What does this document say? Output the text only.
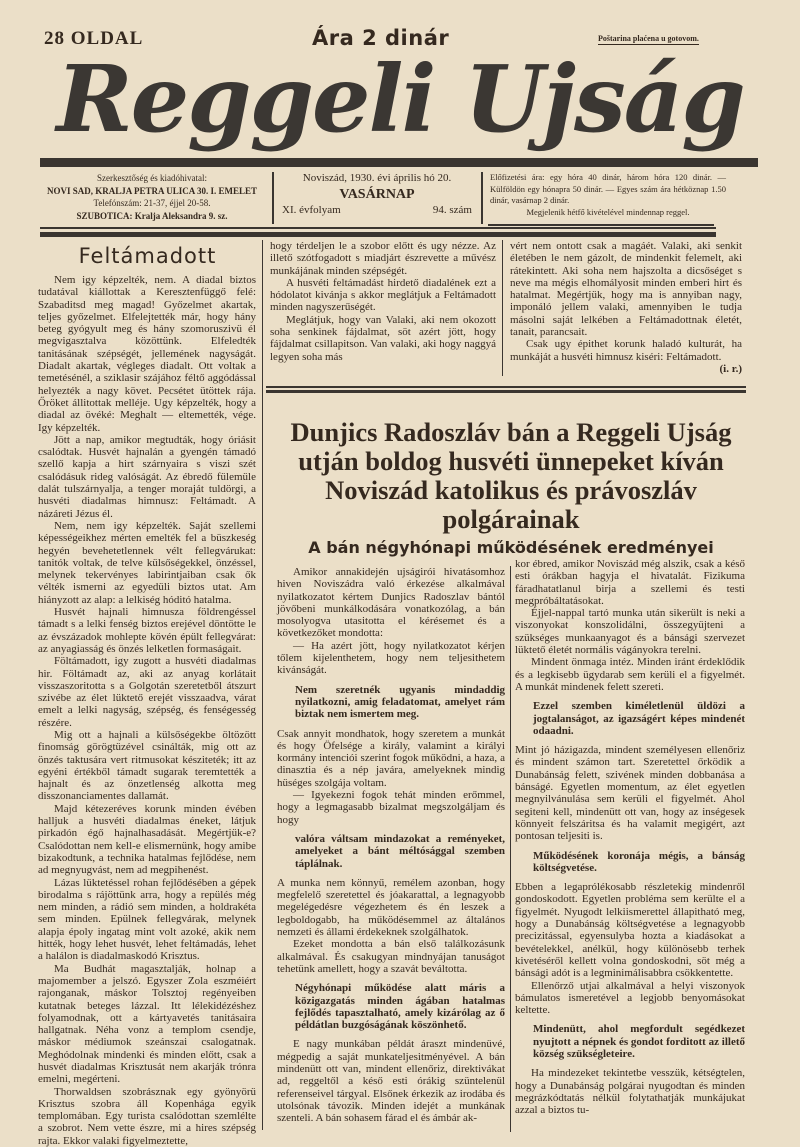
28 OLDAL	Ára 2 dinár	Poštarina plaćena u gotovom.
Reggeli Ujság
Szerkesztőség és kiadóhivatal:
NOVI SAD, KRALJA PETRA ULICA 30. I. EMELET
Telefónszám: 21-37, éjjel 20-58.
SZUBOTICA: Kralja Aleksandra 9. sz.
Noviszád, 1930. évi április hó 20.
VASÁRNAP
XI. évfolyam	94. szám
Előfizetési ára: egy hóra 40 dinár, három hóra 120 dinár. — Külföldön egy hónapra 50 dinár. — Egyes szám ára hétköznap 1.50 dinár, vasárnap 2 dinár.
Megjelenik hétfő kivételével mindennap reggel.
Feltámadott

Nem igy képzelték, nem. A diadal biztos tudatával kiállottak a Keresztenfüggő felé: Szabaditsd meg magad! Győzelmet akartak, teljes győzelmet. Elfelejtették már, hogy hány beteg gyógyult meg és hány szomoruszivü él megvigasztalva közöttünk. Elfeledték tanitásának szépségét, jellemének nagyságát. Diadalt akartak, végleges diadalt. Ott voltak a temetésénél, a sziklasir szájához féltő aggódással helyezték a nagy követ. Pecsétet ütöttek rája. Őröket állitottak melléje. Ugy képzelték, hogy a diadal az övéké: Meghalt — eltemették, vége. Igy képzelték.

Jött a nap, amikor megtudták, hogy óriásit csalódtak. Husvét hajnalán a gyengén támadó szellő kapja a hirt szárnyaira s viszi szét csalódásuk rideg valóságát. Az ébredő fülemüle dalát tulszárnyalja, a tenger moraját tuldörgi, a husvéti diadalmas himnusz: Feltámadt. A názáreti Jézus él.

Nem, nem igy képzelték. Saját szellemi képességeikhez mérten emelték fel a büszkeség hegyén bevehetetlennek vélt fellegvárukat: tanitók voltak, de telve külsőségekkel, önzéssel, melynek tekervényes labirintjaiban csak ők vélték ismerni az egyedüli biztos utat. Am hiányzott az alap: a lelkiség hóditó hatalma.

Husvét hajnali himnusza földrengéssel támadt s a lelki fenség biztos erejével döntötte le az évszázadok mohlepte kövén épült fellegvárat: az anyagiasság és önzés lelketlen formaságait.

Föltámadott, igy zugott a husvéti diadalmas hir. Föltámadt az, aki az anyag korlátait visszaszoritotta s a Golgotán szeretetből átszurt szivébe az élet lüktető erejét visszaadva, várat emelt a lelki nagyság, szépség, és fenségesség részére.

Mig ott a hajnali a külsőségekbe öltözött finomság görögtüzével csinálták, mig ott az önzés taktusára vert ritmusokat késziteték; itt az egyéni értékből támadt sugarak teremtették a hajnalt és az önzetlenség alkotta meg disszonanciamentes dallamát.

Majd kétezeréves korunk minden évében halljuk a husvéti diadalmas éneket, látjuk pirkadón égő hajnalhasadását. Megértjük-e? Csalódottan nem kell-e elismernünk, hogy amibe bizakodtunk, a technika hatalmas fejlődése, nem ad megnyugvást, nem ad megpihenést.

Lázas lüktetéssel rohan fejlődésében a gépek birodalma s rájöttünk arra, hogy a repülés még nem minden, a rádió sem minden, a holdrakéta sem minden. Epülnek fellegvárak, melynek alapja époly ingatag mint volt azoké, akik nem hitték, hogy lehet husvét, lehet feltámadás, lehet a halálon is diadalmaskodó Krisztus.

Ma Budhát magasztalják, holnap a majomember a jelszó. Egyszer Zola eszméiért rajonganak, máskor Tolsztoj regényeiben kutatnak beteges lázzal. Itt lélekidézéshez folyamodnak, ott a kártyavetés tanitásaira hallgatnak. Néha vonz a templom csendje, máskor médiumok szeánszai csalogatnak. Meghódolnak mindenki és minden előtt, csak a husvét diadalmas Krisztusát nem akarják trónra emelni, megérteni.

Thorwaldsen szobrásznak egy gyönyörü Krisztus szobra áll Kopenhága egyik templomában. Egy turista csalódottan szemlélte a szobrot. Nem vette észre, mi a hires szépség rajta. Ekkor valaki figyelmeztette,

hogy térdeljen le a szobor előtt és ugy nézze. Az illető szótfogadott s miadjárt észrevette a művész munkájának minden szépségét.

A husvéti feltámadást hirdető diadalének ezt a hódolatot kivánja s akkor meglátjuk a Feltámadott minden nagyszerűségét.

Meglátjuk, hogy van Valaki, aki nem okozott soha senkinek fájdalmat, söt azért jött, hogy fájdalmat csillapitson. Van valaki, aki hogy naggyá legyen soha más

vért nem ontott csak a magáét. Valaki, aki senkit életében le nem gázolt, de mindenkit felemelt, aki rátekintett. Aki soha nem hajszolta a dicsőséget s neve ma mégis elhomályosit minden emberi hirt és hatalmat. Megértjük, hogy ma is annyiban nagy, imponáló jellem valaki, amennyiben le tudja másolni saját lelkében a Feltámadottnak életét, tanait, parancsait.

Csak ugy épithet korunk haladó kulturát, ha munkáját a husvéti himnusz kiséri: Feltámadott.

(i. r.)

Dunjics Radoszláv bán a Reggeli Ujság utján boldog husvéti ünnepeket kíván Noviszád katolikus és právoszláv polgárainak
A bán négyhónapi működésének eredményei

Amikor annakidején ujságirói hivatásomhoz hiven Noviszádra való érkezése alkalmával nyilatkozatot kértem Dunjics Radoszlav bántól jövőbeni munkálkodására vonatkozólag, a bán mosolyogva utasitotta el kérésemet és a következőket mondotta:

— Ha azért jött, hogy nyilatkozatot kérjen tőlem kijelenthetem, hogy nem teljesithetem kivánságát.

Nem szeretnék ugyanis mindaddig nyilatkozni, amig feladatomat, amelyet rám biztak nem ismertem meg.

Csak annyit mondhatok, hogy szeretem a munkát és hogy Öfelsége a király, valamint a királyi kormány intenciói szerint fogok működni, a haza, a dinasztia és a nép javára, amelyeknek mindig hüséges szolgája voltam.

— Igyekezni fogok tehát minden erőmmel, hogy a legmagasabb bizalmat megszolgáljam és hogy

valóra váltsam mindazokat a reményeket, amelyeket a bánt méltósággal szemben táplálnak.

A munka nem könnyű, remélem azonban, hogy megfelelő szeretettel és jóakarattal, a legnagyobb megelégedésre végezhetem és én leszek a legboldogabb, ha működésemmel az általános nemzeti és állami érdekeknek szolgálhatok.

Ezeket mondotta a bán első találkozásunk alkalmával. És csakugyan mindnyájan tanuságot tehetünk amellett, hogy a szavát beváltotta.

Négyhónapi működése alatt máris a közigazgatás minden ágában hatalmas fejlődés tapasztalható, amely kizárólag az ő példátlan buzgóságának köszönhető.

E nagy munkában példát áraszt mindenüvé, mégpedig a saját munkateljesitményével. A bán mindenütt ott van, mindent ellenőriz, direktivákat ad, reggeltől a késő esti órákig szüntelenül referenseivel tárgyal. Elsőnek érkezik az irodába és utolsónak távozik. Minden idejét a munkának szenteli. A bán sohasem fárad el és ámbár ak-

kor ébred, amikor Noviszád még alszik, csak a késő esti órákban hagyja el hivatalát. Fizikuma fáradhatatlanul birja a szellemi és testi megpróbáltatásokat.

Éjjel-nappal tartó munka után sikerült is neki a viszonyokat konszolidálni, összegyüjteni a szükséges munkaanyagot és a bánsági szervezet lüktető életét normális vágányokra terelni.

Mindent önmaga intéz. Minden iránt érdeklődik és a legkisebb ügydarab sem kerüli el a figyelmét. A munkát mindenek felett szereti.

Ezzel szemben kiméletlenül üldözi a jogtalanságot, az igazságért képes mindenét odaadni.

Mint jó házigazda, mindent személyesen ellenőriz és mindent számon tart. Szeretettel őrködik a Dunabánság felett, szivének minden dobbanása a bánságé. Egyetlen momentum, az élet egyetlen megnyilvánulása sem kerüli el figyelmét. Ahol segiteni kell, mindenütt ott van, hogy az inségesek könnyeit felszáritsa és ha valamit megigért, azt pontosan teljesiti is.

Működésének koronája mégis, a bánság költségvetése.

Ebben a legaprólékosabb részletekig mindenről gondoskodott. Egyetlen probléma sem kerülte el a figyelmét. Nyugodt lelkiismerettel állapitható meg, hogy a Dunabánság költségvetése a legnagyobb precizitással, egyensulyba hozta a kiadásokat a bevételekkel, anélkül, hogy különösebb terhek kivetéséről kellett volna gondoskodni, söt még a bánsági adót is a legminimálisabbra csökkentette.

Ellenőrző utjai alkalmával a helyi viszonyok bámulatos ismeretével a legjobb benyomásokat keltette.

Mindenütt, ahol megfordult segédkezet nyujtott a népnek és gondot forditott az illető község szükségleteire.

Ha mindezeket tekintetbe vesszük, kétségtelen, hogy a Dunabánság polgárai nyugodtan és minden megrázkódtatás nélkül folytathatják munkájukat azzal a biztos tu-
